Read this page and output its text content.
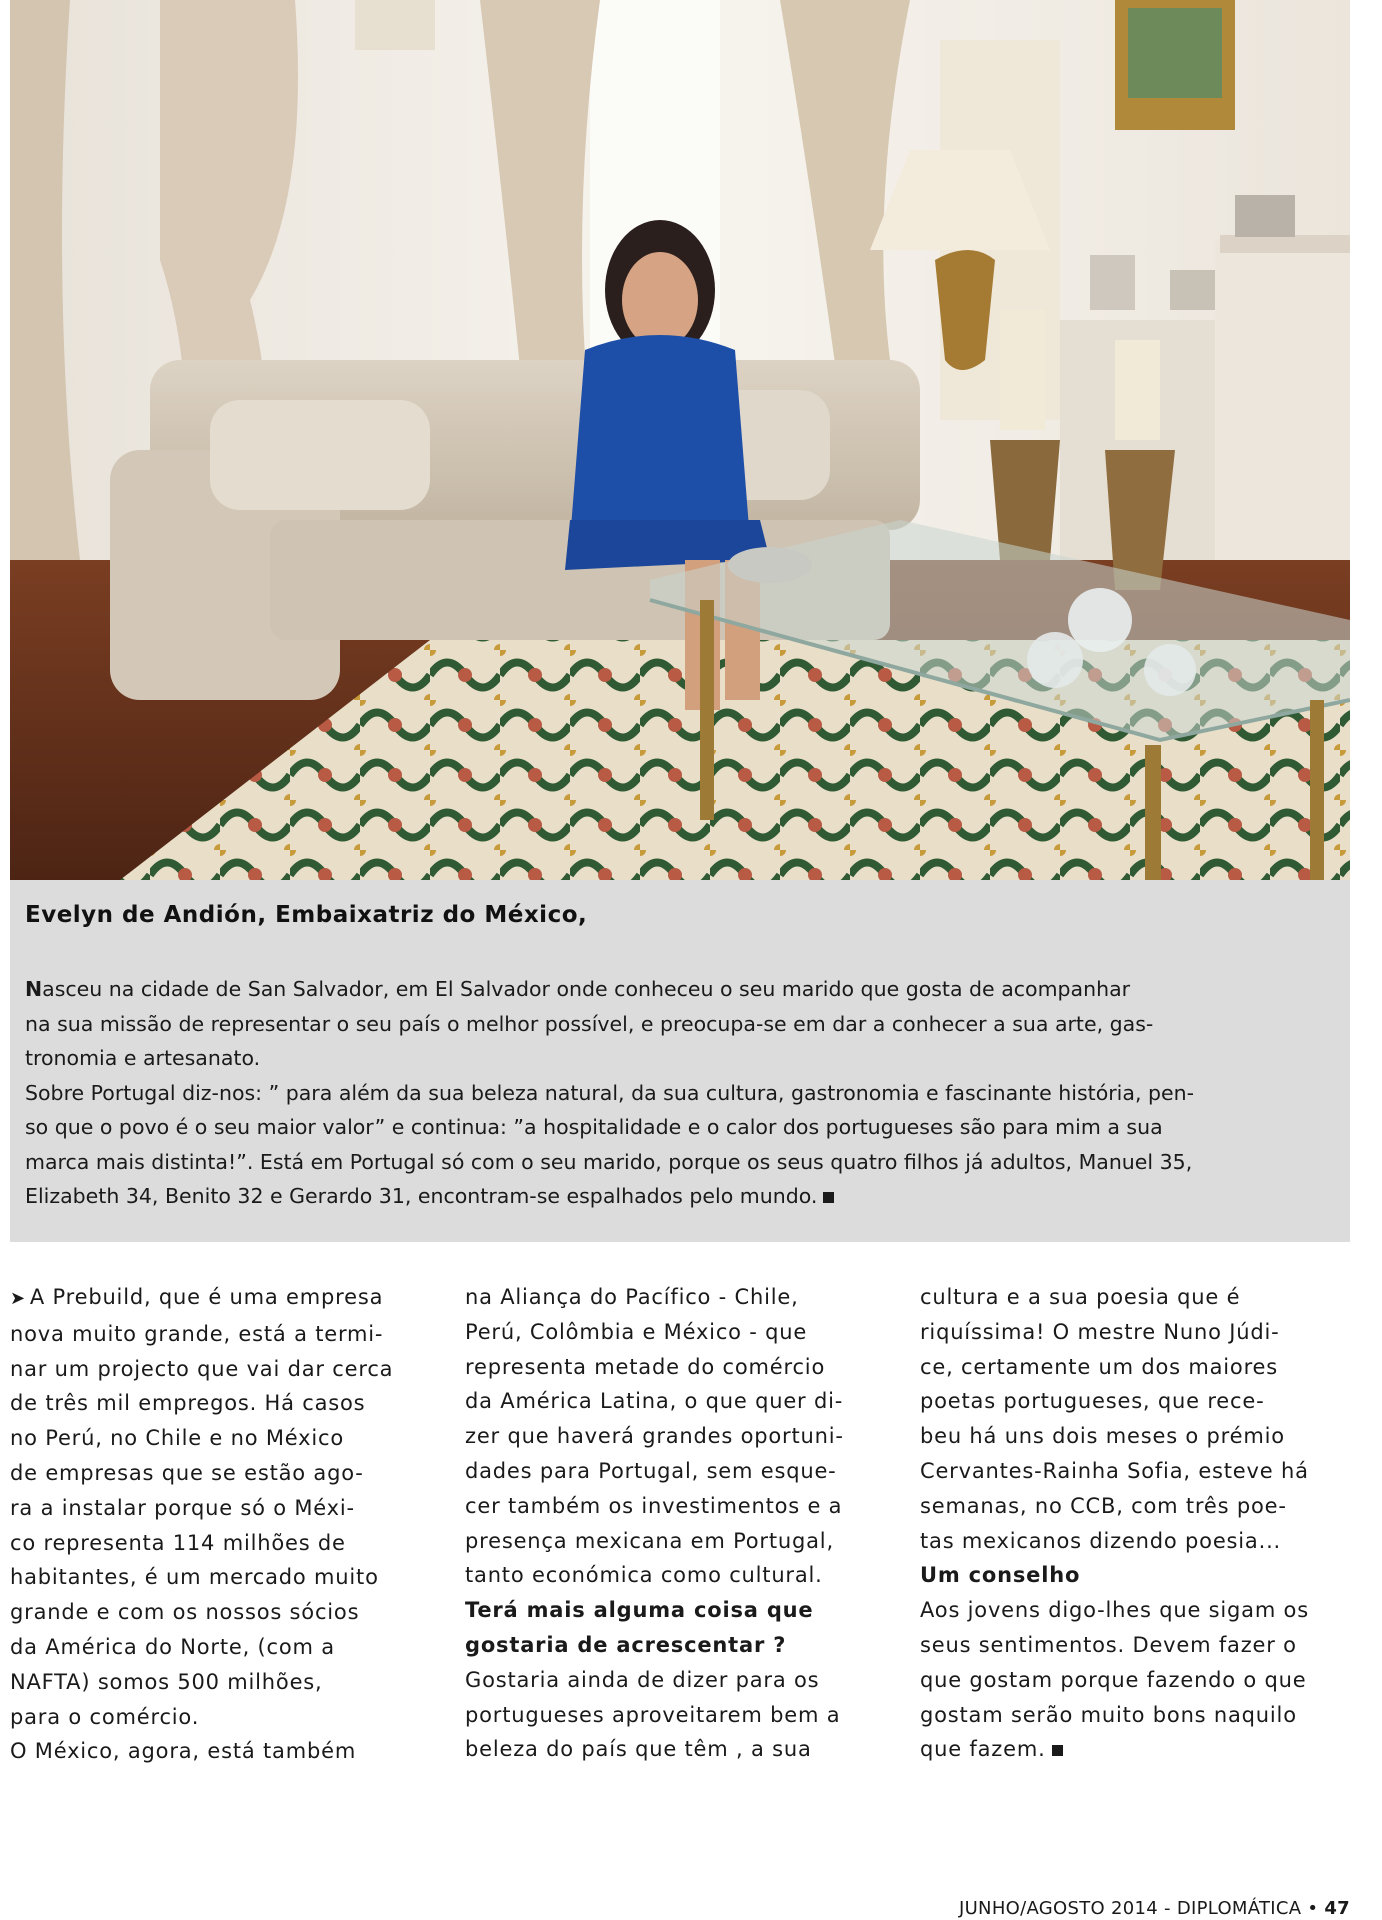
Evelyn de Andión, Embaixatriz do México,

Nasceu na cidade de San Salvador, em El Salvador onde conheceu o seu marido que gosta de acompanhar

na sua missão de representar o seu país o melhor possível, e preocupa-se em dar a conhecer a sua arte, gas-

tronomia e artesanato.

Sobre Portugal diz-nos: ” para além da sua beleza natural, da sua cultura, gastronomia e fascinante história, pen-

so que o povo é o seu maior valor” e continua: ”a hospitalidade e o calor dos portugueses são para mim a sua

marca mais distinta!”. Está em Portugal só com o seu marido, porque os seus quatro filhos já adultos, Manuel 35,

Elizabeth 34, Benito 32 e Gerardo 31, encontram-se espalhados pelo mundo.

➤ A Prebuild, que é uma empresa

nova muito grande, está a termi-

nar um projecto que vai dar cerca

de três mil empregos. Há casos

no Perú, no Chile e no México

de empresas que se estão ago-

ra a instalar porque só o Méxi-

co representa 114 milhões de

habitantes, é um mercado muito

grande e com os nossos sócios

da América do Norte, (com a

NAFTA) somos 500 milhões,

para o comércio.

O México, agora, está também

na Aliança do Pacífico - Chile,

Perú, Colômbia e México - que

representa metade do comércio

da América Latina, o que quer di-

zer que haverá grandes oportuni-

dades para Portugal, sem esque-

cer também os investimentos e a

presença mexicana em Portugal,

tanto económica como cultural.

Terá mais alguma coisa que

gostaria de acrescentar ?

Gostaria ainda de dizer para os

portugueses aproveitarem bem a

beleza do país que têm , a sua

cultura e a sua poesia que é

riquíssima! O mestre Nuno Júdi-

ce, certamente um dos maiores

poetas portugueses, que rece-

beu há uns dois meses o prémio

Cervantes-Rainha Sofia, esteve há

semanas, no CCB, com três poe-

tas mexicanos dizendo poesia...

Um conselho

Aos jovens digo-lhes que sigam os

seus sentimentos. Devem fazer o

que gostam porque fazendo o que

gostam serão muito bons naquilo

que fazem.

JUNHO/AGOSTO 2014 - DIPLOMÁTICA • 47
